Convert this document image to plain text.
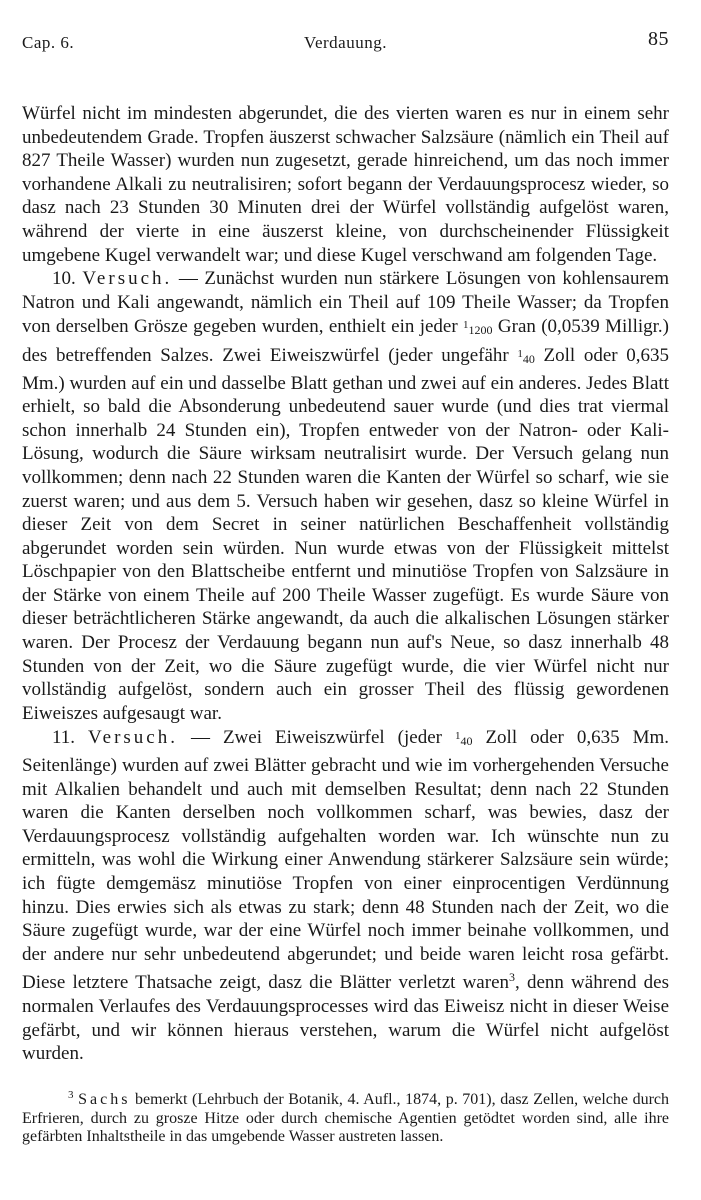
Cap. 6.	Verdauung.	85

Würfel nicht im mindesten abgerundet, die des vierten waren es nur in einem sehr unbedeutendem Grade. Tropfen äuszerst schwacher Salzsäure (nämlich ein Theil auf 827 Theile Wasser) wurden nun zugesetzt, gerade hinreichend, um das noch immer vorhandene Alkali zu neutralisiren; sofort begann der Verdauungsprocesz wieder, so dasz nach 23 Stunden 30 Minuten drei der Würfel vollständig aufgelöst waren, während der vierte in eine äuszerst kleine, von durchscheinender Flüssigkeit umgebene Kugel verwandelt war; und diese Kugel verschwand am folgenden Tage.

10. Versuch. — Zunächst wurden nun stärkere Lösungen von kohlensaurem Natron und Kali angewandt, nämlich ein Theil auf 109 Theile Wasser; da Tropfen von derselben Grösze gegeben wurden, enthielt ein jeder $^1$1200 Gran (0,0539 Milligr.) des betreffenden Salzes. Zwei Eiweiszwürfel (jeder ungefähr $^1$40 Zoll oder 0,635 Mm.) wurden auf ein und dasselbe Blatt gethan und zwei auf ein anderes. Jedes Blatt erhielt, so bald die Absonderung unbedeutend sauer wurde (und dies trat viermal schon innerhalb 24 Stunden ein), Tropfen entweder von der Natron- oder Kali-Lösung, wodurch die Säure wirksam neutralisirt wurde. Der Versuch gelang nun vollkommen; denn nach 22 Stunden waren die Kanten der Würfel so scharf, wie sie zuerst waren; und aus dem 5. Versuch haben wir gesehen, dasz so kleine Würfel in dieser Zeit von dem Secret in seiner natürlichen Beschaffenheit vollständig abgerundet worden sein würden. Nun wurde etwas von der Flüssigkeit mittelst Löschpapier von den Blattscheibe entfernt und minutiöse Tropfen von Salzsäure in der Stärke von einem Theile auf 200 Theile Wasser zugefügt. Es wurde Säure von dieser beträchtlicheren Stärke angewandt, da auch die alkalischen Lösungen stärker waren. Der Procesz der Verdauung begann nun auf's Neue, so dasz innerhalb 48 Stunden von der Zeit, wo die Säure zugefügt wurde, die vier Würfel nicht nur vollständig aufgelöst, sondern auch ein grosser Theil des flüssig gewordenen Eiweiszes aufgesaugt war.

11. Versuch. — Zwei Eiweiszwürfel (jeder $^1$40 Zoll oder 0,635 Mm. Seitenlänge) wurden auf zwei Blätter gebracht und wie im vorhergehenden Versuche mit Alkalien behandelt und auch mit demselben Resultat; denn nach 22 Stunden waren die Kanten derselben noch vollkommen scharf, was bewies, dasz der Verdauungsprocesz vollständig aufgehalten worden war. Ich wünschte nun zu ermitteln, was wohl die Wirkung einer Anwendung stärkerer Salzsäure sein würde; ich fügte demgemäsz minutiöse Tropfen von einer einprocentigen Verdünnung hinzu. Dies erwies sich als etwas zu stark; denn 48 Stunden nach der Zeit, wo die Säure zugefügt wurde, war der eine Würfel noch immer beinahe vollkommen, und der andere nur sehr unbedeutend abgerundet; und beide waren leicht rosa gefärbt. Diese letztere Thatsache zeigt, dasz die Blätter verletzt waren$^3$, denn während des normalen Verlaufes des Verdauungsprocesses wird das Eiweisz nicht in dieser Weise gefärbt, und wir können hieraus verstehen, warum die Würfel nicht aufgelöst wurden.

$^3$ Sachs bemerkt (Lehrbuch der Botanik, 4. Aufl., 1874, p. 701), dasz Zellen, welche durch Erfrieren, durch zu grosze Hitze oder durch chemische Agentien getödtet worden sind, alle ihre gefärbten Inhaltstheile in das umgebende Wasser austreten lassen.
